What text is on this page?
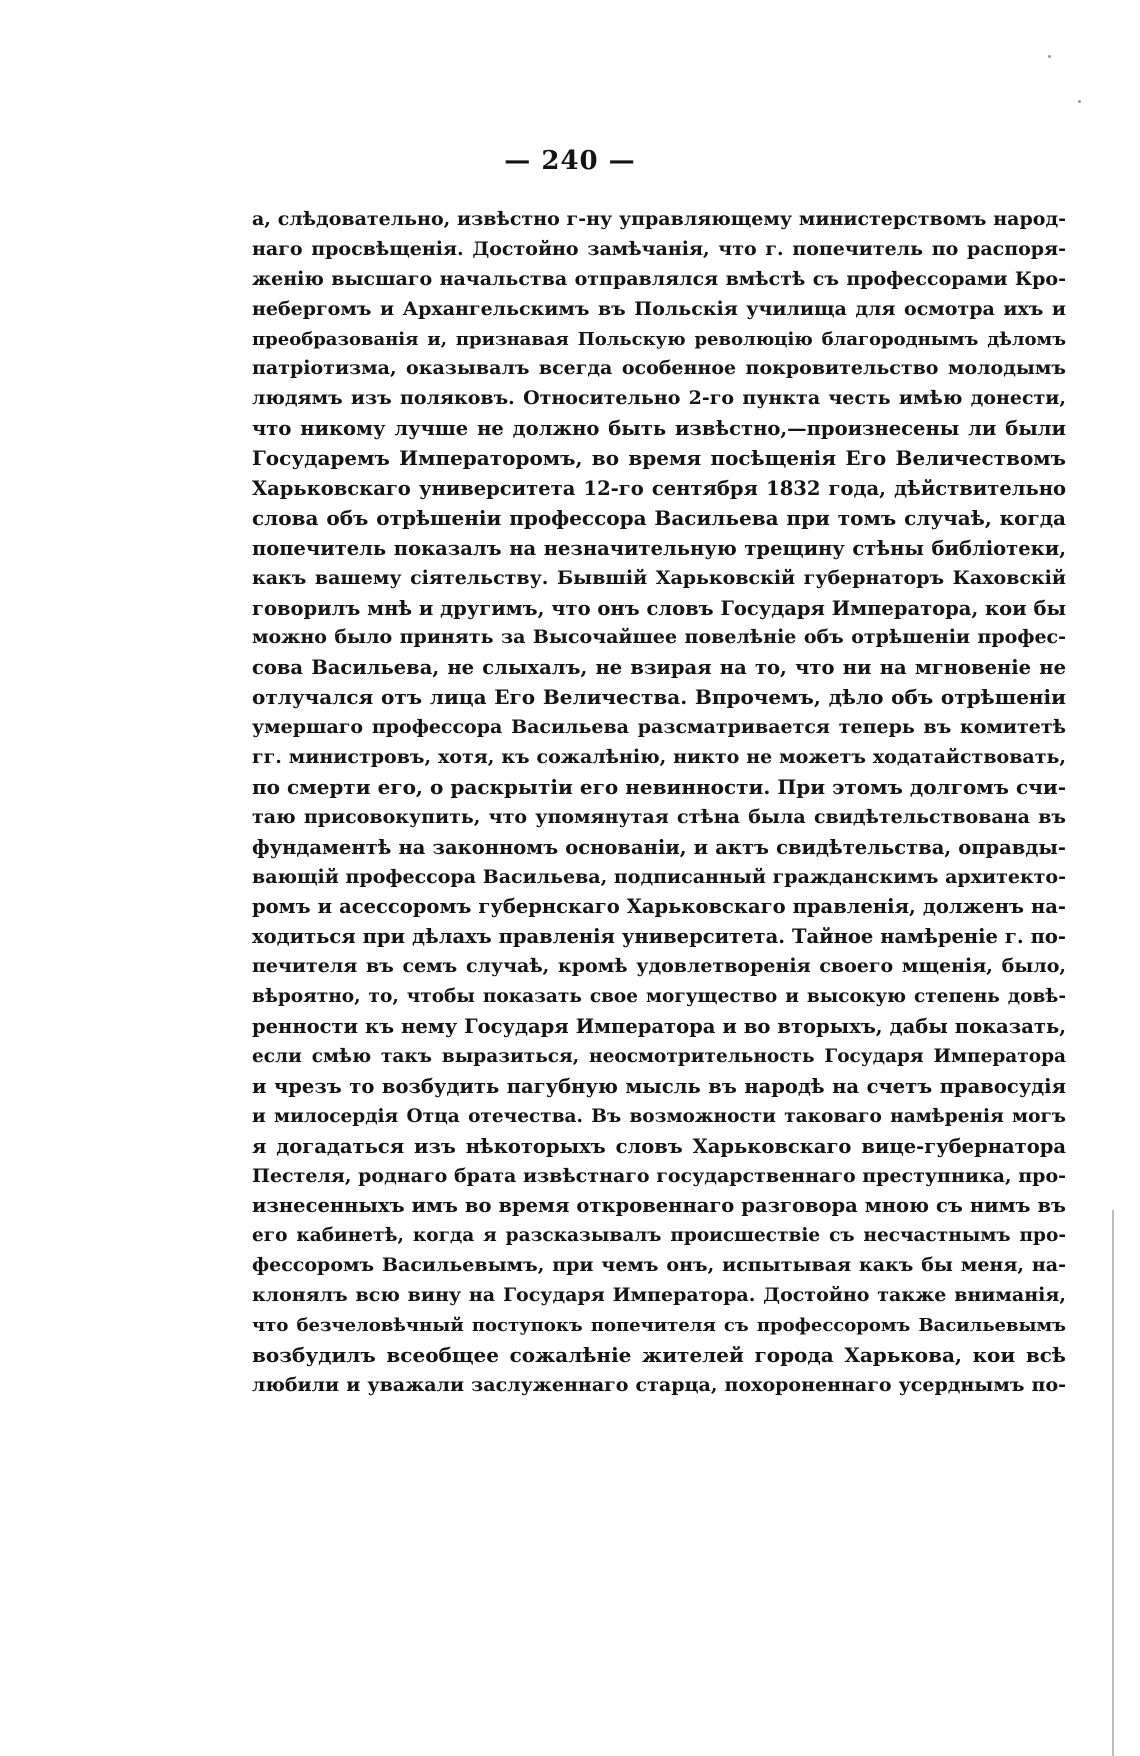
— 240 —
а, слѣдовательно, извѣстно г-ну управляющему министерствомъ народ-
наго просвѣщенія. Достойно замѣчанія, что г. попечитель по распоря-
женію высшаго начальства отправлялся вмѣстѣ съ профессорами Кро-
небергомъ и Архангельскимъ въ Польскія училища для осмотра ихъ и
преобразованія и, признавая Польскую революцію благороднымъ дѣломъ
патріотизма, оказывалъ всегда особенное покровительство молодымъ
людямъ изъ поляковъ. Относительно 2-го пункта честь имѣю донести,
что никому лучше не должно быть извѣстно,—произнесены ли были
Государемъ Императоромъ, во время посѣщенія Его Величествомъ
Харьковскаго университета 12-го сентября 1832 года, дѣйствительно
слова объ отрѣшеніи профессора Васильева при томъ случаѣ, когда
попечитель показалъ на незначительную трещину стѣны библіотеки,
какъ вашему сіятельству. Бывшій Харьковскій губернаторъ Каховскій
говорилъ мнѣ и другимъ, что онъ словъ Государя Императора, кои бы
можно было принять за Высочайшее повелѣніе объ отрѣшеніи профес-
сова Васильева, не слыхалъ, не взирая на то, что ни на мгновеніе не
отлучался отъ лица Его Величества. Впрочемъ, дѣло объ отрѣшеніи
умершаго профессора Васильева разсматривается теперь въ комитетѣ
гг. министровъ, хотя, къ сожалѣнію, никто не можетъ ходатайствовать,
по смерти его, о раскрытіи его невинности. При этомъ долгомъ счи-
таю присовокупить, что упомянутая стѣна была свидѣтельствована въ
фундаментѣ на законномъ основаніи, и актъ свидѣтельства, оправды-
вающій профессора Васильева, подписанный гражданскимъ архитекто-
ромъ и асессоромъ губернскаго Харьковскаго правленія, долженъ на-
ходиться при дѣлахъ правленія университета. Тайное намѣреніе г. по-
печителя въ семъ случаѣ, кромѣ удовлетворенія своего мщенія, было,
вѣроятно, то, чтобы показать свое могущество и высокую степень довѣ-
ренности къ нему Государя Императора и во вторыхъ, дабы показать,
если смѣю такъ выразиться, неосмотрительность Государя Императора
и чрезъ то возбудить пагубную мысль въ народѣ на счетъ правосудія
и милосердія Отца отечества. Въ возможности таковаго намѣренія могъ
я догадаться изъ нѣкоторыхъ словъ Харьковскаго вице-губернатора
Пестеля, роднаго брата извѣстнаго государственнаго преступника, про-
изнесенныхъ имъ во время откровеннаго разговора мною съ нимъ въ
его кабинетѣ, когда я разсказывалъ происшествіе съ несчастнымъ про-
фессоромъ Васильевымъ, при чемъ онъ, испытывая какъ бы меня, на-
клонялъ всю вину на Государя Императора. Достойно также вниманія,
что безчеловѣчный поступокъ попечителя съ профессоромъ Васильевымъ
возбудилъ всеобщее сожалѣніе жителей города Харькова, кои всѣ
любили и уважали заслуженнаго старца, похороненнаго усерднымъ по-
